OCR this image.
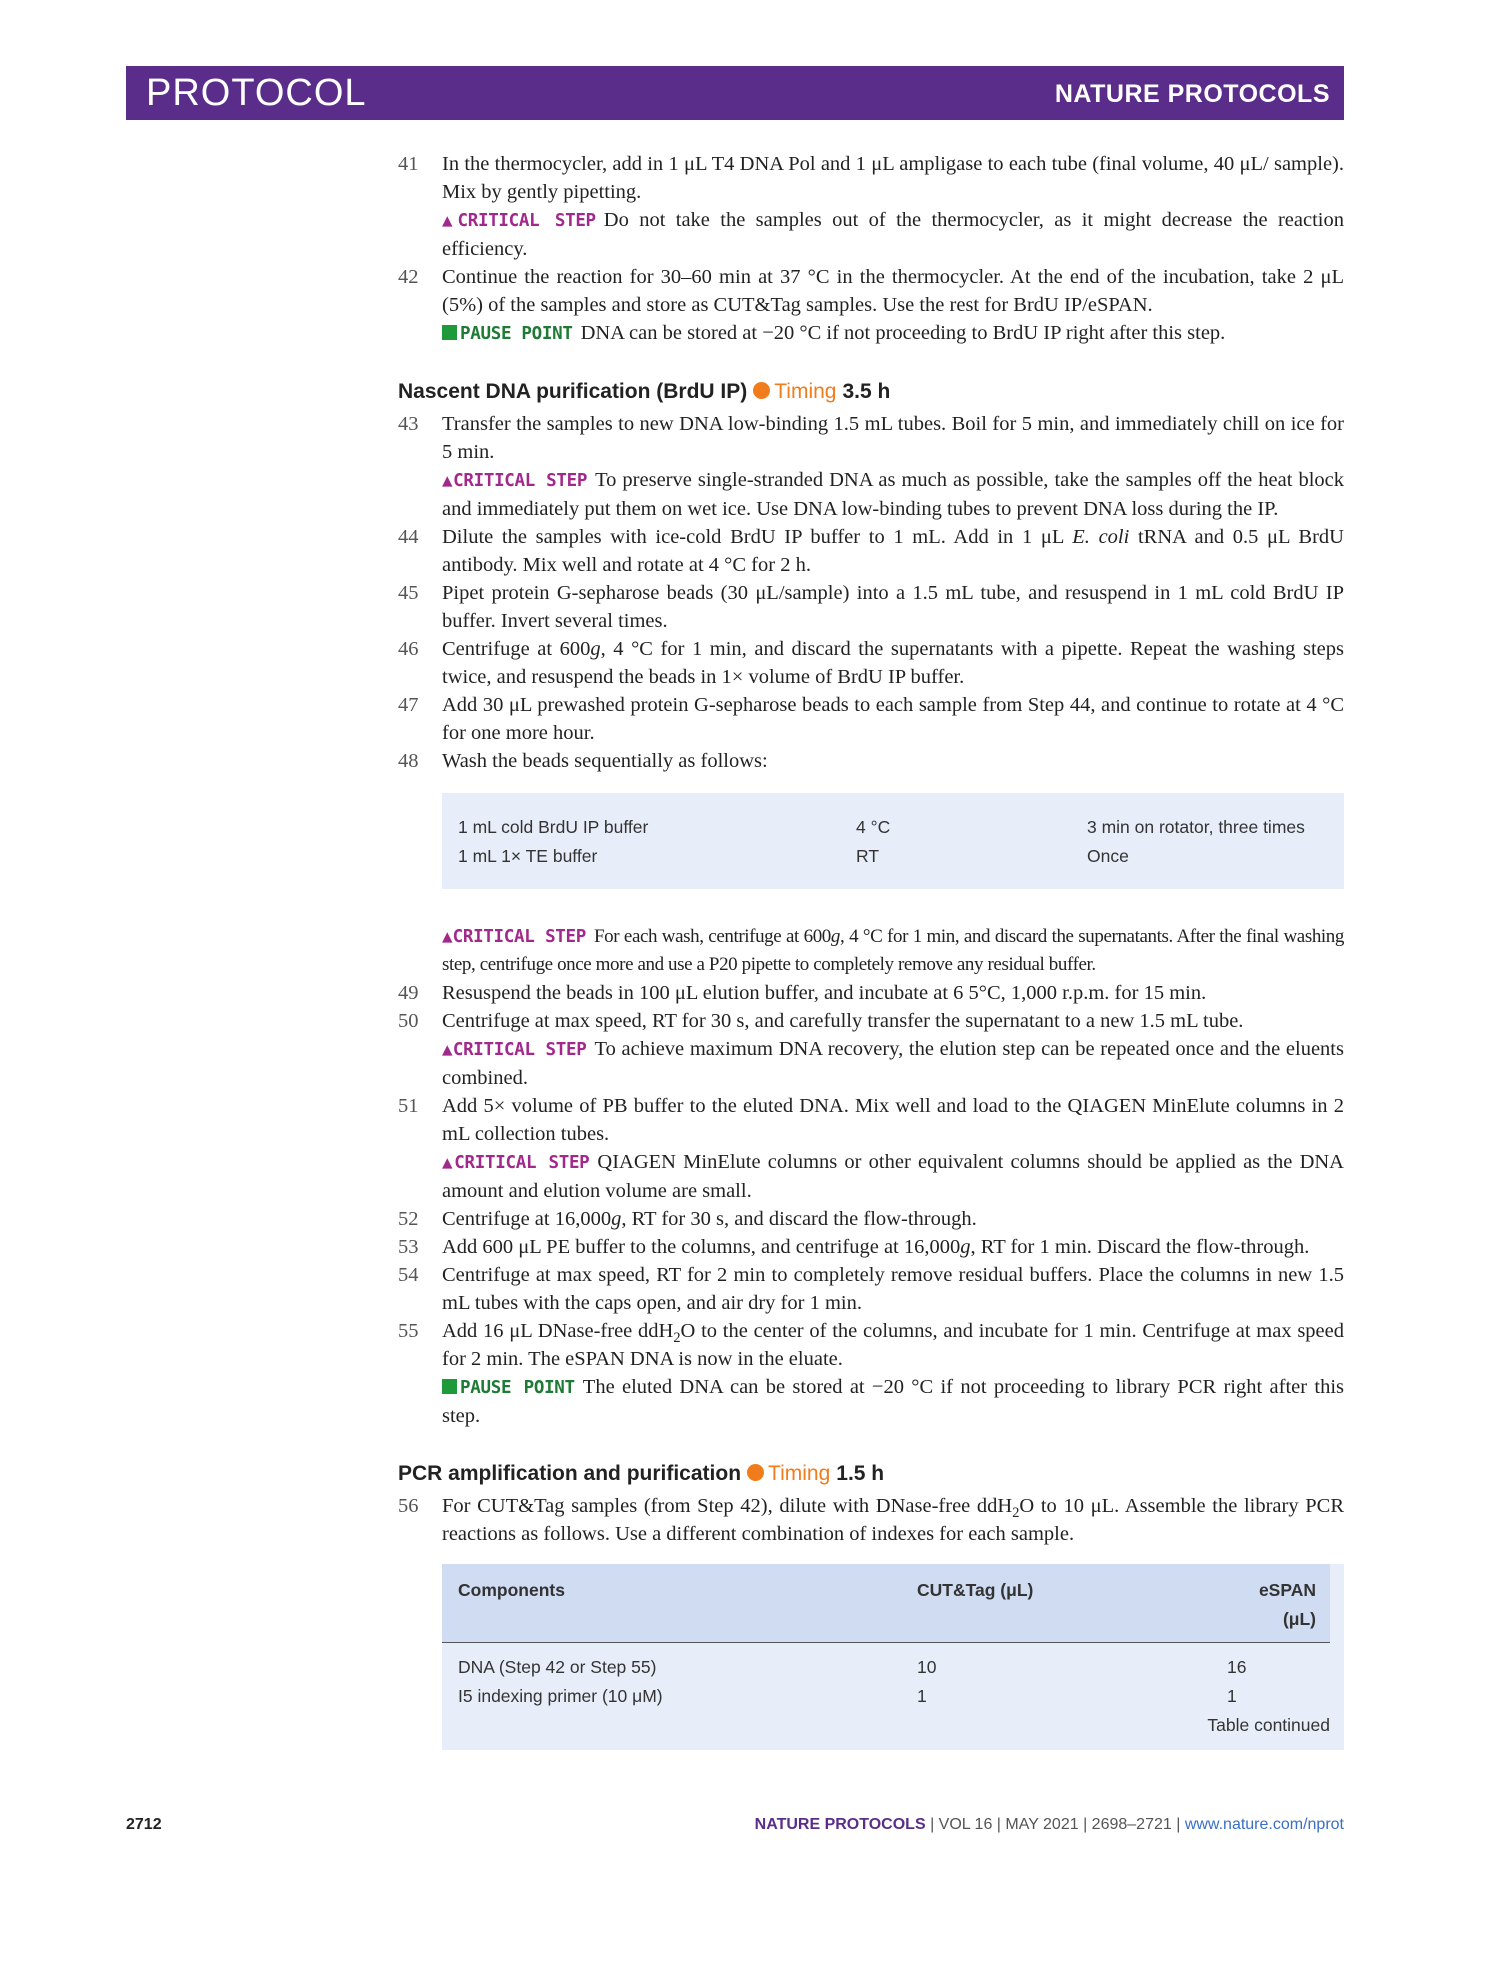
PROTOCOL	NATURE PROTOCOLS
41 In the thermocycler, add in 1 μL T4 DNA Pol and 1 μL ampligase to each tube (final volume, 40 μL/ sample). Mix by gently pipetting.

▲CRITICAL STEP Do not take the samples out of the thermocycler, as it might decrease the reaction efficiency.

42 Continue the reaction for 30–60 min at 37 °C in the thermocycler. At the end of the incubation, take 2 μL (5%) of the samples and store as CUT&Tag samples. Use the rest for BrdU IP/eSPAN.

PAUSE POINT DNA can be stored at −20 °C if not proceeding to BrdU IP right after this step.

Nascent DNA purification (BrdU IP) Timing 3.5 h
43 Transfer the samples to new DNA low-binding 1.5 mL tubes. Boil for 5 min, and immediately chill on ice for 5 min.

▲CRITICAL STEP To preserve single-stranded DNA as much as possible, take the samples off the heat block and immediately put them on wet ice. Use DNA low-binding tubes to prevent DNA loss during the IP.

44 Dilute the samples with ice-cold BrdU IP buffer to 1 mL. Add in 1 μL E. coli tRNA and 0.5 μL BrdU antibody. Mix well and rotate at 4 °C for 2 h.

45 Pipet protein G-sepharose beads (30 μL/sample) into a 1.5 mL tube, and resuspend in 1 mL cold BrdU IP buffer. Invert several times.

46 Centrifuge at 600g, 4 °C for 1 min, and discard the supernatants with a pipette. Repeat the washing steps twice, and resuspend the beads in 1× volume of BrdU IP buffer.

47 Add 30 μL prewashed protein G-sepharose beads to each sample from Step 44, and continue to rotate at 4 °C for one more hour.

48 Wash the beads sequentially as follows:

1 mL cold BrdU IP buffer	4 °C	3 min on rotator, three times
1 mL 1× TE buffer	RT	Once

▲CRITICAL STEP For each wash, centrifuge at 600g, 4 °C for 1 min, and discard the supernatants. After the final washing step, centrifuge once more and use a P20 pipette to completely remove any residual buffer.

49 Resuspend the beads in 100 μL elution buffer, and incubate at 6 5°C, 1,000 r.p.m. for 15 min.

50 Centrifuge at max speed, RT for 30 s, and carefully transfer the supernatant to a new 1.5 mL tube.

▲CRITICAL STEP To achieve maximum DNA recovery, the elution step can be repeated once and the eluents combined.

51 Add 5× volume of PB buffer to the eluted DNA. Mix well and load to the QIAGEN MinElute columns in 2 mL collection tubes.

▲CRITICAL STEP QIAGEN MinElute columns or other equivalent columns should be applied as the DNA amount and elution volume are small.

52 Centrifuge at 16,000g, RT for 30 s, and discard the flow-through.

53 Add 600 μL PE buffer to the columns, and centrifuge at 16,000g, RT for 1 min. Discard the flow-through.

54 Centrifuge at max speed, RT for 2 min to completely remove residual buffers. Place the columns in new 1.5 mL tubes with the caps open, and air dry for 1 min.

55 Add 16 μL DNase-free ddH$_2$O to the center of the columns, and incubate for 1 min. Centrifuge at max speed for 2 min. The eSPAN DNA is now in the eluate.

PAUSE POINT The eluted DNA can be stored at −20 °C if not proceeding to library PCR right after this step.

PCR amplification and purification Timing 1.5 h
56 For CUT&Tag samples (from Step 42), dilute with DNase-free ddH$_2$O to 10 μL. Assemble the library PCR reactions as follows. Use a different combination of indexes for each sample.

Components	CUT&Tag (μL)	eSPAN (μL)
DNA (Step 42 or Step 55)	10	16
I5 indexing primer (10 μM)	1	1
Table continued
2712	NATURE PROTOCOLS | VOL 16 | MAY 2021 | 2698–2721 | www.nature.com/nprot
